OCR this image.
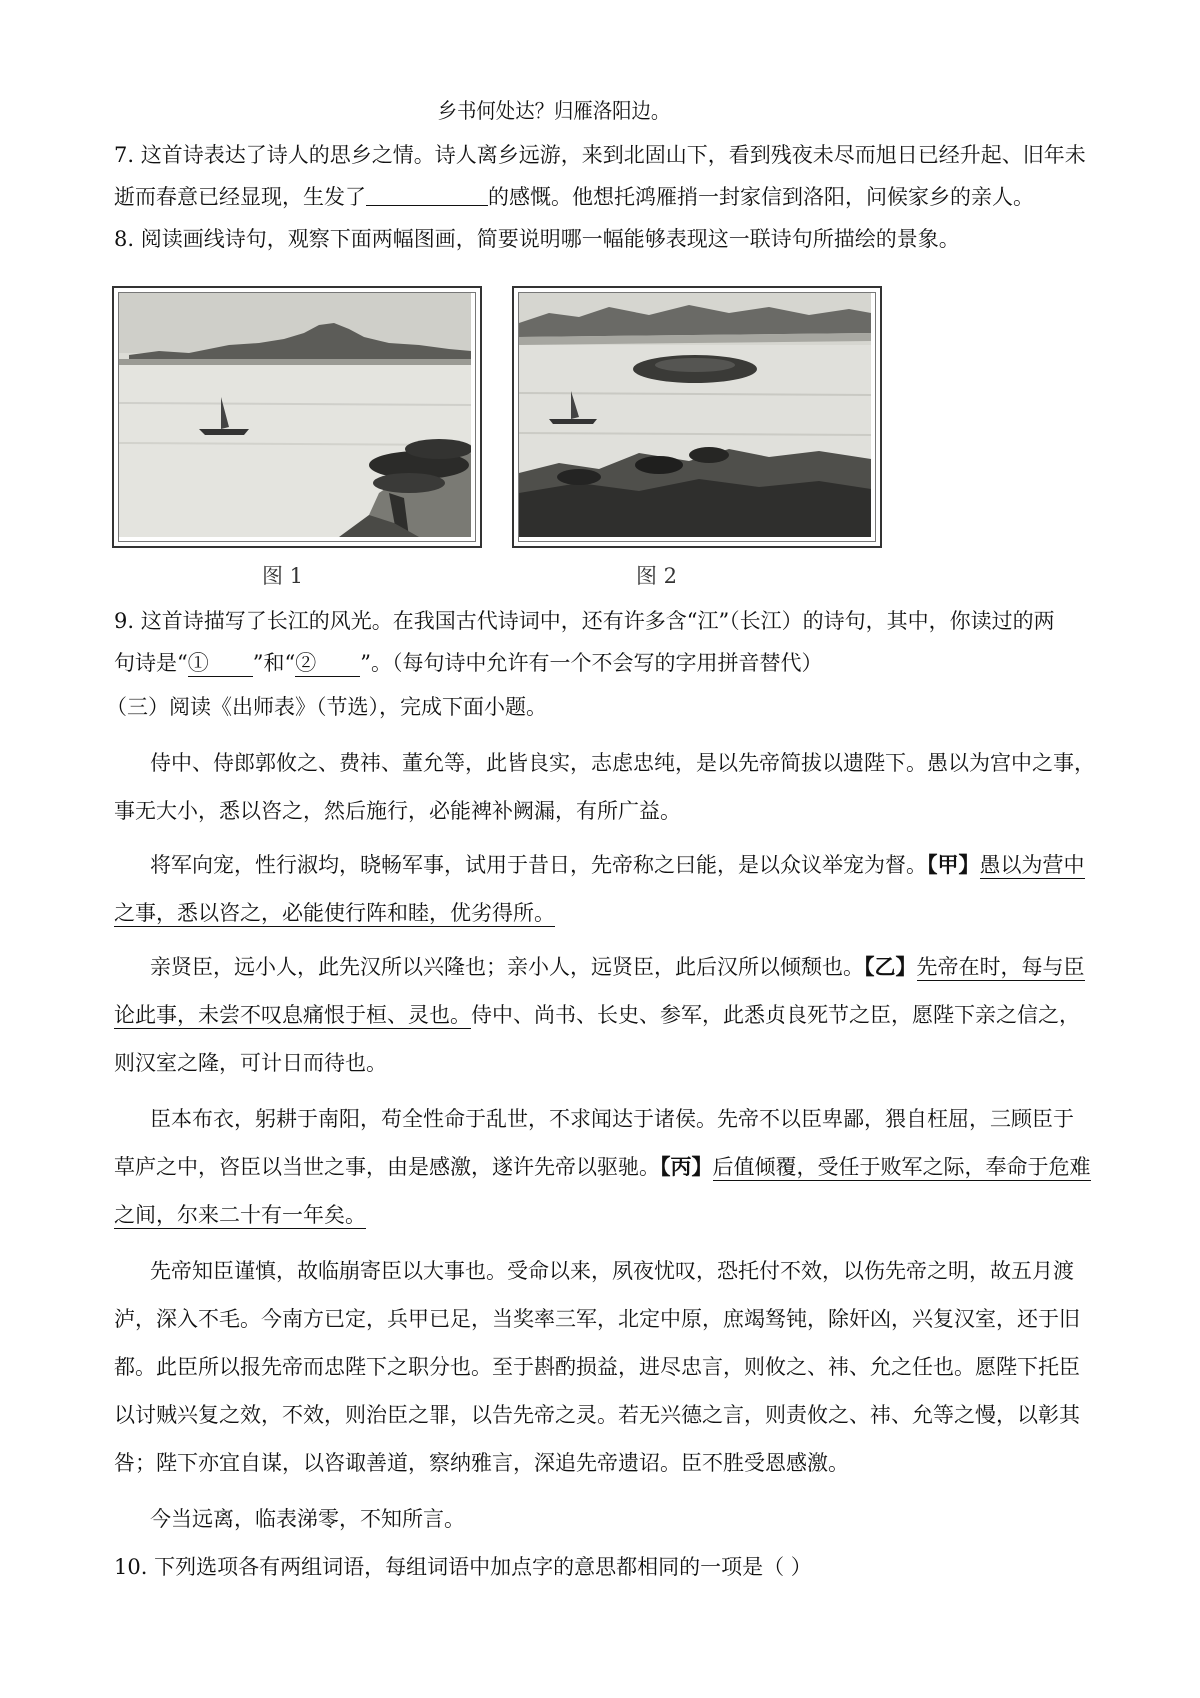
乡书何处达？归雁洛阳边。
7. 这首诗表达了诗人的思乡之情。诗人离乡远游，来到北固山下，看到残夜未尽而旭日已经升起、旧年未
逝而春意已经显现，生发了	的感慨。他想托鸿雁捎一封家信到洛阳，问候家乡的亲人。
8. 阅读画线诗句，观察下面两幅图画，简要说明哪一幅能够表现这一联诗句所描绘的景象。
图 1	图 2
9. 这首诗描写了长江的风光。在我国古代诗词中，还有许多含“江”（长江）的诗句，其中，你读过的两
句诗是“① ”和“② ”。（每句诗中允许有一个不会写的字用拼音替代）
（三）阅读《出师表》（节选），完成下面小题。
侍中、侍郎郭攸之、费祎、董允等，此皆良实，志虑忠纯，是以先帝简拔以遗陛下。愚以为宫中之事，
事无大小，悉以咨之，然后施行，必能裨补阙漏，有所广益。
将军向宠，性行淑均，晓畅军事，试用于昔日，先帝称之曰能，是以众议举宠为督。【甲】愚以为营中
之事，悉以咨之，必能使行阵和睦，优劣得所。
亲贤臣，远小人，此先汉所以兴隆也；亲小人，远贤臣，此后汉所以倾颓也。【乙】先帝在时，每与臣
论此事，未尝不叹息痛恨于桓、灵也。侍中、尚书、长史、参军，此悉贞良死节之臣，愿陛下亲之信之，
则汉室之隆，可计日而待也。
臣本布衣，躬耕于南阳，苟全性命于乱世，不求闻达于诸侯。先帝不以臣卑鄙，猥自枉屈，三顾臣于
草庐之中，咨臣以当世之事，由是感激，遂许先帝以驱驰。【丙】后值倾覆，受任于败军之际，奉命于危难
之间，尔来二十有一年矣。
先帝知臣谨慎，故临崩寄臣以大事也。受命以来，夙夜忧叹，恐托付不效，以伤先帝之明，故五月渡
泸，深入不毛。今南方已定，兵甲已足，当奖率三军，北定中原，庶竭驽钝，除奸凶，兴复汉室，还于旧
都。此臣所以报先帝而忠陛下之职分也。至于斟酌损益，进尽忠言，则攸之、祎、允之任也。愿陛下托臣
以讨贼兴复之效，不效，则治臣之罪，以告先帝之灵。若无兴德之言，则责攸之、祎、允等之慢，以彰其
咎；陛下亦宜自谋，以咨诹善道，察纳雅言，深追先帝遗诏。臣不胜受恩感激。
今当远离，临表涕零，不知所言。
10. 下列选项各有两组词语，每组词语中加点字的意思都相同的一项是（ ）
